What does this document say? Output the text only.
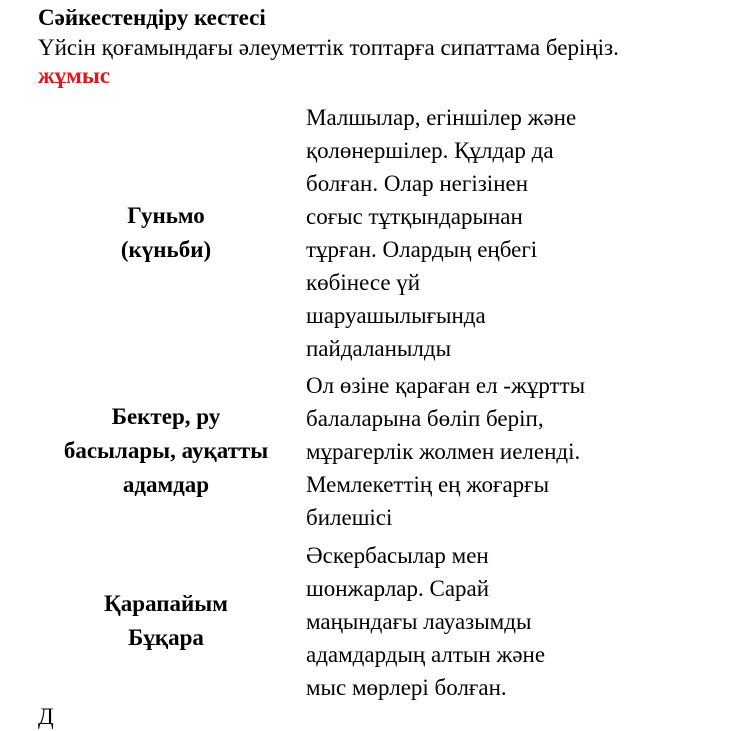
Сәйкестендіру кестесі

Үйсін қоғамындағы әлеуметтік топтарға сипаттама беріңіз.

жұмыс

Гуньмо
(күньби)
Малшылар, егіншілер және
қолөнершілер. Құлдар да
болған. Олар негізінен
соғыс тұтқындарынан
тұрған. Олардың еңбегі
көбінесе үй
шаруашылығында
пайдаланылды
Бектер, ру
басылары, ауқатты
адамдар
Ол өзіне қараған ел -жұртты
балаларына бөліп беріп,
мұрагерлік жолмен иеленді.
Мемлекеттің ең жоғарғы
билешісі
Қарапайым
Бұқара
Әскербасылар мен
шонжарлар. Сарай
маңындағы лауазымды
адамдардың алтын және
мыс мөрлері болған.
Д
